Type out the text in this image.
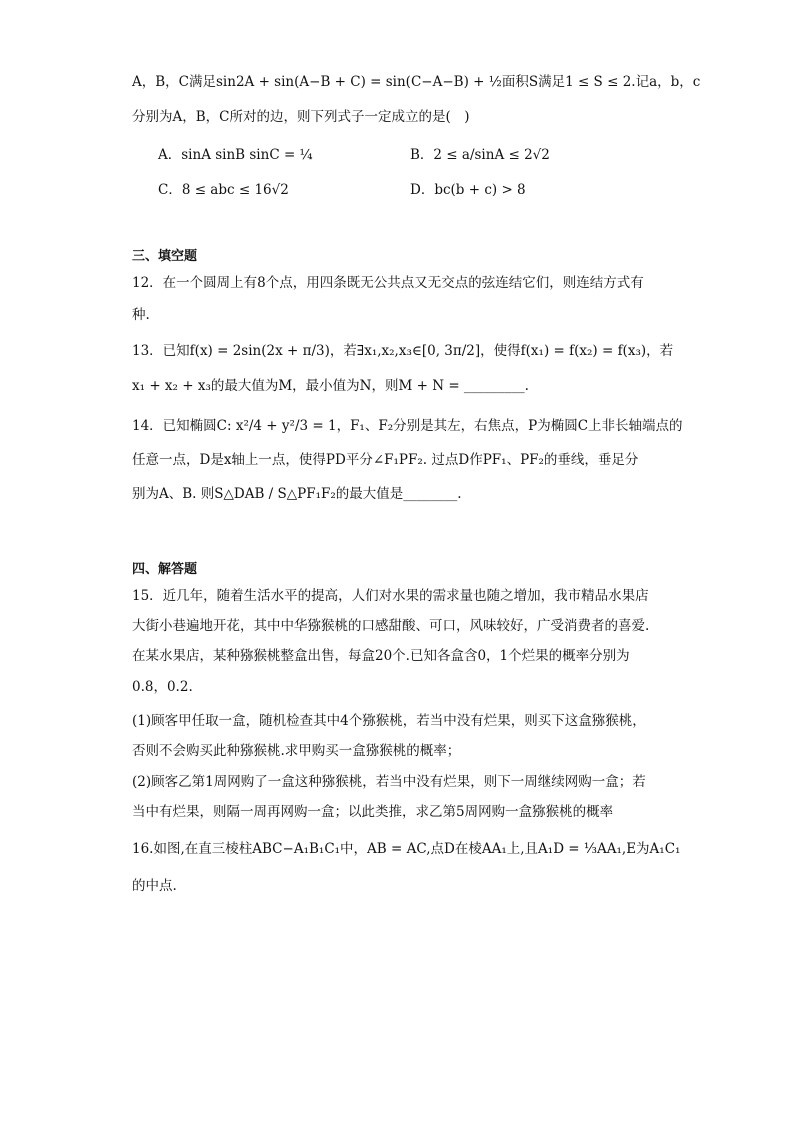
A，B，C满足sin2A + sin(A−B + C) = sin(C−A−B) + ½面积S满足1 ≤ S ≤ 2.记a，b，c
分别为A，B，C所对的边，则下列式子一定成立的是(　)
A．sinA sinB sinC = ¼	B．2 ≤ a/sinA ≤ 2√2
C．8 ≤ abc ≤ 16√2	D．bc(b + c) > 8
三、填空题
12．在一个圆周上有8个点，用四条既无公共点又无交点的弦连结它们，则连结方式有
种.
13．已知f(x) = 2sin(2x + π/3)，若∃x₁,x₂,x₃∈[0, 3π/2]，使得f(x₁) = f(x₂) = f(x₃)，若
x₁ + x₂ + x₃的最大值为M，最小值为N，则M + N = _________.
14．已知椭圆C: x²/4 + y²/3 = 1，F₁、F₂分别是其左，右焦点，P为椭圆C上非长轴端点的
任意一点，D是x轴上一点，使得PD平分∠F₁PF₂. 过点D作PF₁、PF₂的垂线，垂足分
别为A、B. 则S△DAB / S△PF₁F₂的最大值是________.
四、解答题
15．近几年，随着生活水平的提高，人们对水果的需求量也随之增加，我市精品水果店
大街小巷遍地开花，其中中华猕猴桃的口感甜酸、可口，风味较好，广受消费者的喜爱.
在某水果店，某种猕猴桃整盒出售，每盒20个.已知各盒含0，1个烂果的概率分别为
0.8，0.2.
(1)顾客甲任取一盒，随机检查其中4个猕猴桃，若当中没有烂果，则买下这盒猕猴桃，
否则不会购买此种猕猴桃.求甲购买一盒猕猴桃的概率；
(2)顾客乙第1周网购了一盒这种猕猴桃，若当中没有烂果，则下一周继续网购一盒；若
当中有烂果，则隔一周再网购一盒；以此类推，求乙第5周网购一盒猕猴桃的概率
16.如图,在直三棱柱ABC−A₁B₁C₁中，AB = AC,点D在棱AA₁上,且A₁D = ⅓AA₁,E为A₁C₁
的中点.
